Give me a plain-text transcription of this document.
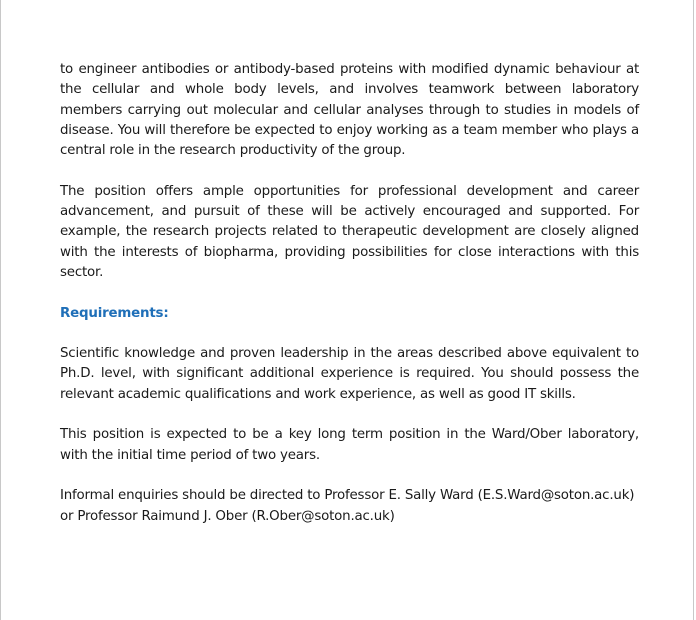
to engineer antibodies or antibody-based proteins with modified dynamic behaviour at the cellular and whole body levels, and involves teamwork between laboratory members carrying out molecular and cellular analyses through to studies in models of disease. You will therefore be expected to enjoy working as a team member who plays a central role in the research productivity of the group.

The position offers ample opportunities for professional development and career advancement, and pursuit of these will be actively encouraged and supported. For example, the research projects related to therapeutic development are closely aligned with the interests of biopharma, providing possibilities for close interactions with this sector.

Requirements:

Scientific knowledge and proven leadership in the areas described above equivalent to Ph.D. level, with significant additional experience is required. You should possess the relevant academic qualifications and work experience, as well as good IT skills.

This position is expected to be a key long term position in the Ward/Ober laboratory, with the initial time period of two years.

Informal enquiries should be directed to Professor E. Sally Ward (E.S.Ward@soton.ac.uk) or Professor Raimund J. Ober (R.Ober@soton.ac.uk)
